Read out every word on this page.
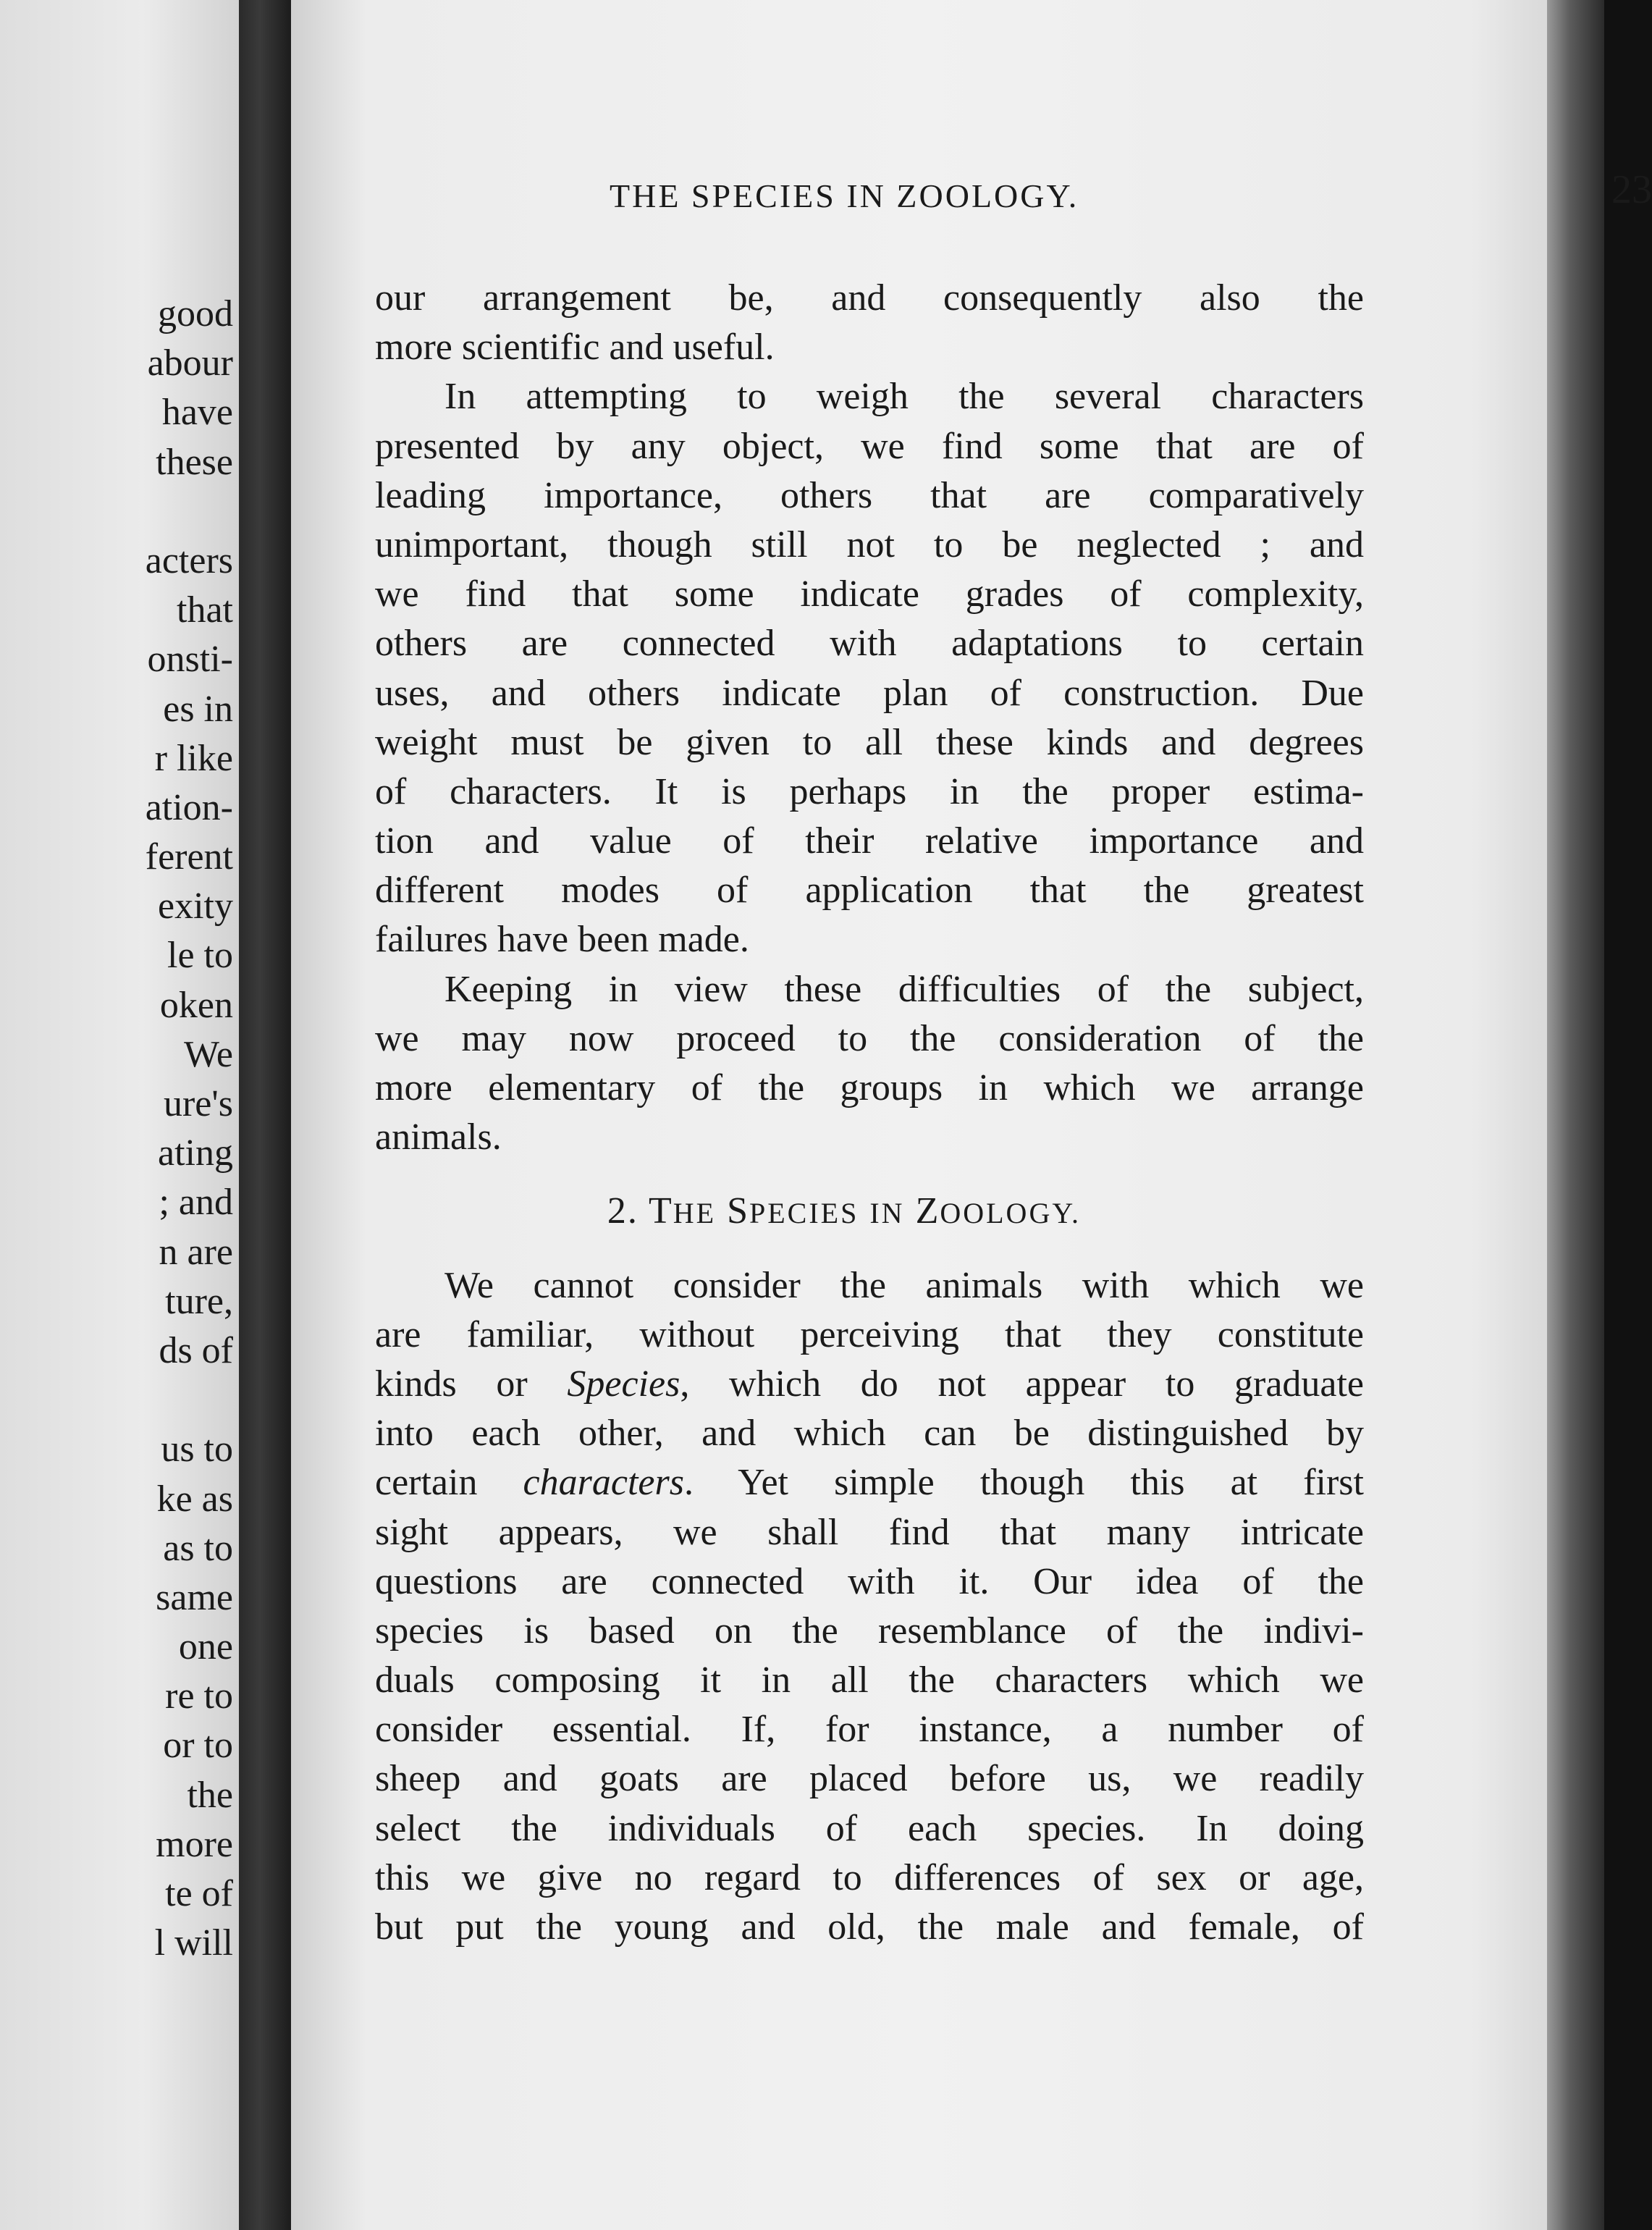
good
abour
have
these
acters
that
onsti-
es in
r like
ation-
ferent
exity
le to
oken
We
ure's
ating
; and
n are
ture,
ds of
us to
ke as
as to
same
one
re to
or to
the
more
te of
l will
THE SPECIES IN ZOOLOGY.	23
our arrangement be, and consequently also the
more scientific and useful.
In attempting to weigh the several characters
presented by any object, we find some that are of
leading importance, others that are comparatively
unimportant, though still not to be neglected ; and
we find that some indicate grades of complexity,
others are connected with adaptations to certain
uses, and others indicate plan of construction. Due
weight must be given to all these kinds and degrees
of characters. It is perhaps in the proper estima-
tion and value of their relative importance and
different modes of application that the greatest
failures have been made.
Keeping in view these difficulties of the subject,
we may now proceed to the consideration of the
more elementary of the groups in which we arrange
animals.
2. THE SPECIES IN ZOOLOGY.
We cannot consider the animals with which we
are familiar, without perceiving that they constitute
kinds or Species, which do not appear to graduate
into each other, and which can be distinguished by
certain characters. Yet simple though this at first
sight appears, we shall find that many intricate
questions are connected with it. Our idea of the
species is based on the resemblance of the indivi-
duals composing it in all the characters which we
consider essential. If, for instance, a number of
sheep and goats are placed before us, we readily
select the individuals of each species. In doing
this we give no regard to differences of sex or age,
but put the young and old, the male and female, of
